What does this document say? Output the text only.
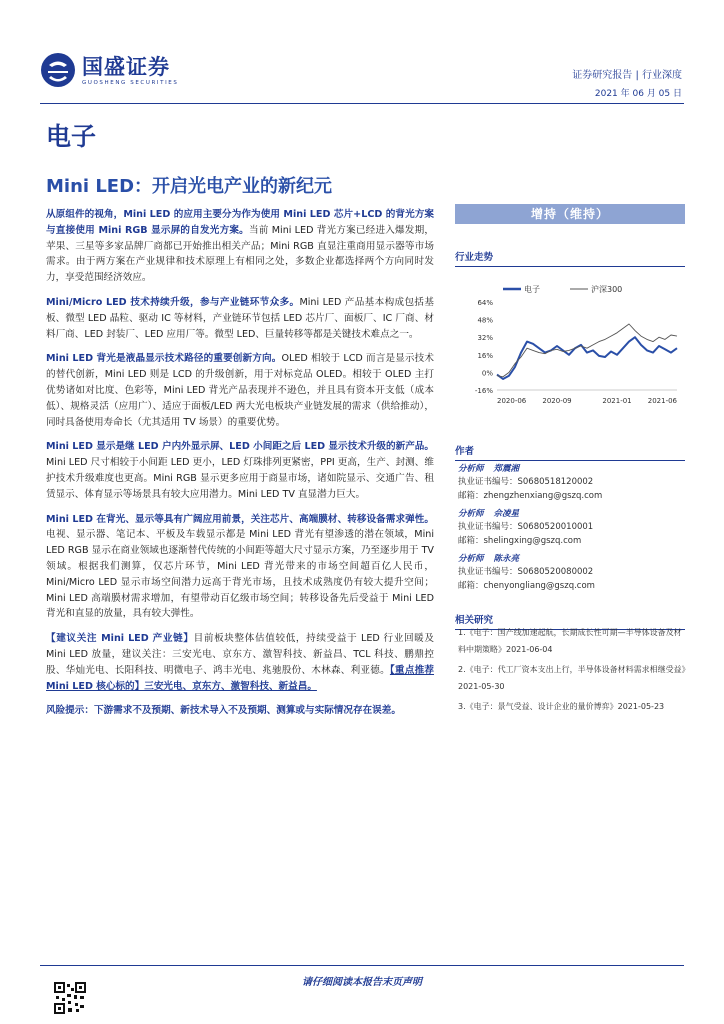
国盛证券
GUOSHENG SECURITIES
证券研究报告 | 行业深度
2021 年 06 月 05 日
电子
Mini LED：开启光电产业的新纪元

从原组件的视角，Mini LED 的应用主要分为作为使用 Mini LED 芯片+LCD 的背光方案与直接使用 Mini RGB 显示屏的自发光方案。当前 Mini LED 背光方案已经进入爆发期，苹果、三星等多家品牌厂商都已开始推出相关产品；Mini RGB 直显注重商用显示器等市场需求。由于两方案在产业规律和技术原理上有相同之处，多数企业都选择两个方向同时发力，享受范围经济效应。

Mini/Micro LED 技术持续升级，参与产业链环节众多。Mini LED 产品基本构成包括基板、微型 LED 晶粒、驱动 IC 等材料，产业链环节包括 LED 芯片厂、面板厂、IC 厂商、材料厂商、LED 封装厂、LED 应用厂等。微型 LED、巨量转移等都是关键技术难点之一。

Mini LED 背光是液晶显示技术路径的重要创新方向。OLED 相较于 LCD 而言是显示技术的替代创新，Mini LED 则是 LCD 的升级创新，用于对标竞品 OLED。相较于 OLED 主打优势诸如对比度、色彩等，Mini LED 背光产品表现并不逊色，并且具有资本开支低（成本低）、规格灵活（应用广）、适应于面板/LED 两大光电板块产业链发展的需求（供给推动），同时具备使用寿命长（尤其适用 TV 场景）的重要优势。

Mini LED 显示是继 LED 户内外显示屏、LED 小间距之后 LED 显示技术升级的新产品。Mini LED 尺寸相较于小间距 LED 更小，LED 灯珠排列更紧密，PPI 更高，生产、封测、维护技术升级难度也更高。Mini RGB 显示更多应用于商显市场，诸如院显示、交通广告、租赁显示、体育显示等场景具有较大应用潜力。Mini LED TV 直显潜力巨大。

Mini LED 在背光、显示等具有广阔应用前景，关注芯片、高端膜材、转移设备需求弹性。电视、显示器、笔记本、平板及车载显示都是 Mini LED 背光有望渗透的潜在领域，Mini LED RGB 显示在商业领域也逐渐替代传统的小间距等超大尺寸显示方案，乃至逐步用于 TV 领域。根据我们测算，仅芯片环节，Mini LED 背光带来的市场空间超百亿人民币，Mini/Micro LED 显示市场空间潜力远高于背光市场，且技术成熟度仍有较大提升空间；Mini LED 高端膜材需求增加，有望带动百亿级市场空间；转移设备先后受益于 Mini LED 背光和直显的放量，具有较大弹性。

【建议关注 Mini LED 产业链】目前板块整体估值较低，持续受益于 LED 行业回暖及 Mini LED 放量，建议关注：三安光电、京东方、激智科技、新益昌、TCL 科技、鹏鼎控股、华灿光电、长阳科技、明微电子、鸿丰光电、兆驰股份、木林森、利亚德。【重点推荐 Mini LED 核心标的】三安光电、京东方、激智科技、新益昌。

风险提示：下游需求不及预期、新技术导入不及预期、测算或与实际情况存在误差。

增持（维持）
行业走势
电子	沪深300
64%
48%
32%
16%
0%
-16%
2020-06 2020-09	2021-01 2021-06
作者
分析师 郑震湘
执业证书编号：S0680518120002
邮箱：zhengzhenxiang@gszq.com
分析师 佘凌星
执业证书编号：S0680520010001
邮箱：shelingxing@gszq.com
分析师 陈永亮
执业证书编号：S0680520080002
邮箱：chenyongliang@gszq.com
相关研究
1.《电子：国产线加速起航，长期成长性可期—半导体设备及材料中期策略》2021-06-04
2.《电子：代工厂资本支出上行，半导体设备材料需求相继受益》2021-05-30
3.《电子：景气受益、设计企业的量价博弈》2021-05-23
请仔细阅读本报告末页声明
